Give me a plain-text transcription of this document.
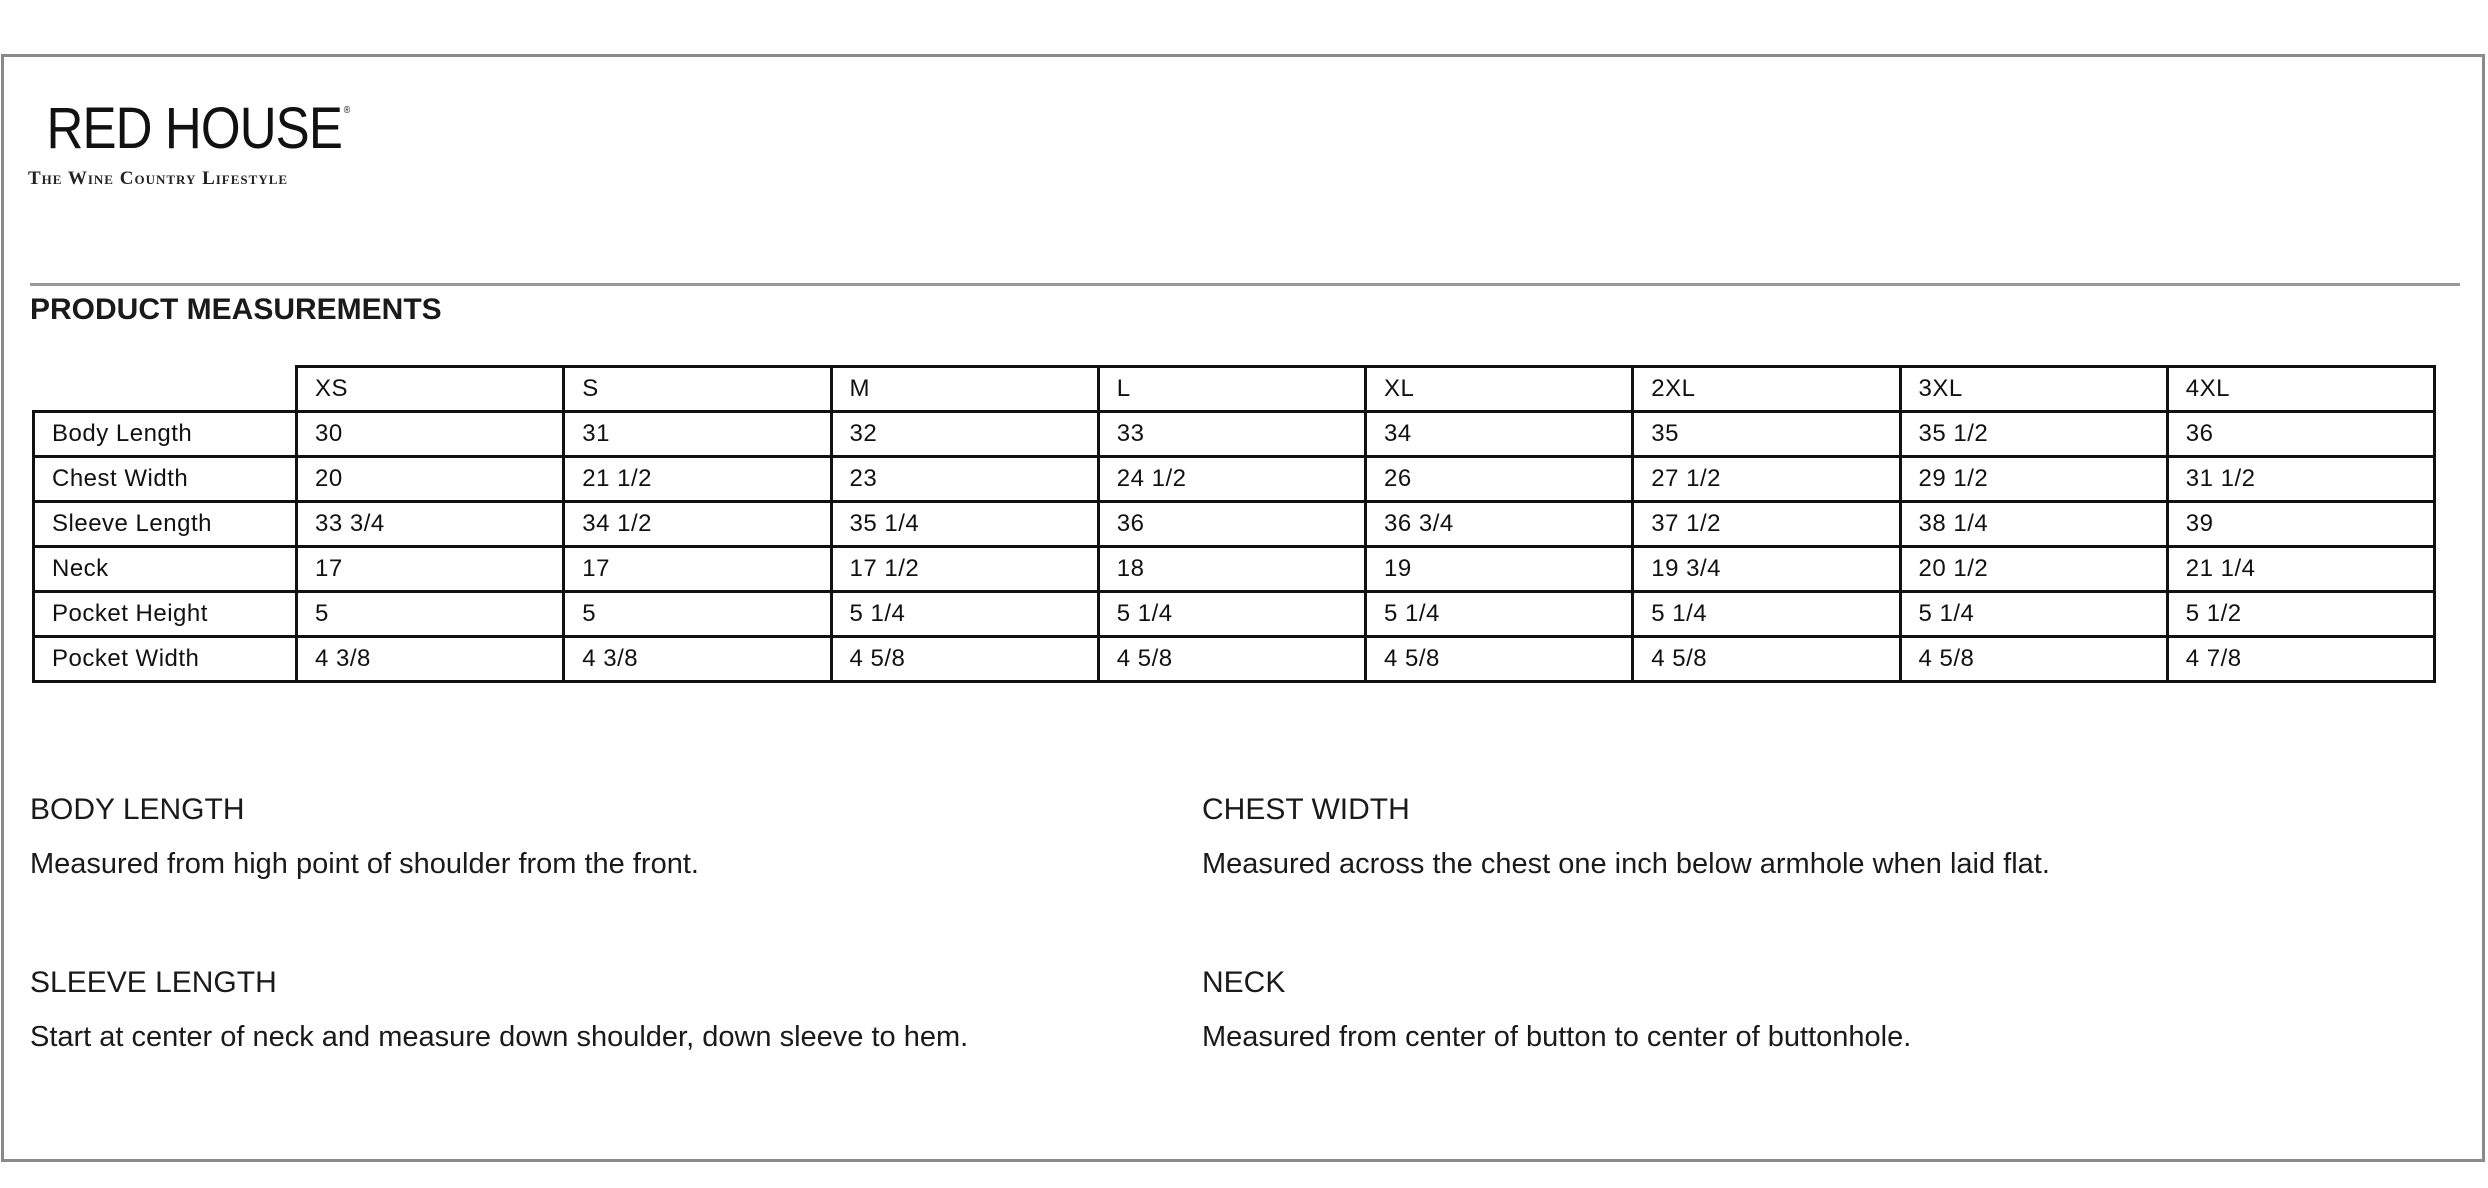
RED HOUSE ®
The Wine Country Lifestyle
PRODUCT MEASUREMENTS
	XS	S	M	L	XL	2XL	3XL	4XL
Body Length	30	31	32	33	34	35	35 1/2	36
Chest Width	20	21 1/2	23	24 1/2	26	27 1/2	29 1/2	31 1/2
Sleeve Length	33 3/4	34 1/2	35 1/4	36	36 3/4	37 1/2	38 1/4	39
Neck	17	17	17 1/2	18	19	19 3/4	20 1/2	21 1/4
Pocket Height	5	5	5 1/4	5 1/4	5 1/4	5 1/4	5 1/4	5 1/2
Pocket Width	4 3/8	4 3/8	4 5/8	4 5/8	4 5/8	4 5/8	4 5/8	4 7/8
BODY LENGTH
Measured from high point of shoulder from the front.
CHEST WIDTH
Measured across the chest one inch below armhole when laid flat.
SLEEVE LENGTH
Start at center of neck and measure down shoulder, down sleeve to hem.
NECK
Measured from center of button to center of buttonhole.
